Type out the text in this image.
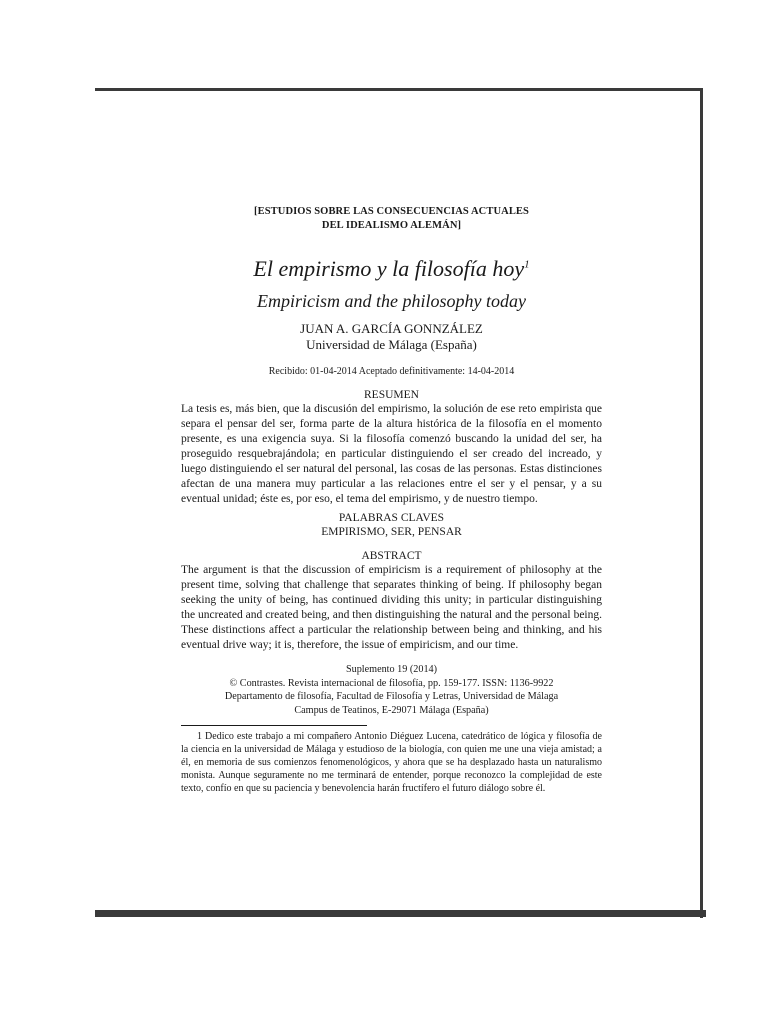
[ESTUDIOS SOBRE LAS CONSECUENCIAS ACTUALES
DEL IDEALISMO ALEMÁN]

El empirismo y la filosofía hoy$^1$

Empiricism and the philosophy today

JUAN A. GARCÍA GONNZÁLEZ

Universidad de Málaga (España)

Recibido: 01-04-2014 Aceptado definitivamente: 14-04-2014

RESUMEN

La tesis es, más bien, que la discusión del empirismo, la solución de ese reto empirista que separa el pensar del ser, forma parte de la altura histórica de la filosofía en el momento presente, es una exigencia suya. Si la filosofía comenzó buscando la unidad del ser, ha proseguido resquebrajándola; en particular distinguiendo el ser creado del increado, y luego distinguiendo el ser natural del personal, las cosas de las personas. Estas distinciones afectan de una manera muy particular a las relaciones entre el ser y el pensar, y a su eventual unidad; éste es, por eso, el tema del empirismo, y de nuestro tiempo.

PALABRAS CLAVES

EMPIRISMO, SER, PENSAR

ABSTRACT

The argument is that the discussion of empiricism is a requirement of philosophy at the present time, solving that challenge that separates thinking of being. If philosophy began seeking the unity of being, has continued dividing this unity; in particular distinguishing the uncreated and created being, and then distinguishing the natural and the personal being. These distinctions affect a particular the relationship between being and thinking, and his eventual drive way; it is, therefore, the issue of empiricism, and our time.

Suplemento 19 (2014)

© Contrastes. Revista internacional de filosofía, pp. 159-177. ISSN: 1136-9922

Departamento de filosofía, Facultad de Filosofía y Letras, Universidad de Málaga

Campus de Teatinos, E-29071 Málaga (España)

1 Dedico este trabajo a mi compañero Antonio Diéguez Lucena, catedrático de lógica y filosofía de la ciencia en la universidad de Málaga y estudioso de la biología, con quien me une una vieja amistad; a él, en memoria de sus comienzos fenomenológicos, y ahora que se ha desplazado hasta un naturalismo monista. Aunque seguramente no me terminará de entender, porque reconozco la complejidad de este texto, confío en que su paciencia y benevolencia harán fructífero el futuro diálogo sobre él.
